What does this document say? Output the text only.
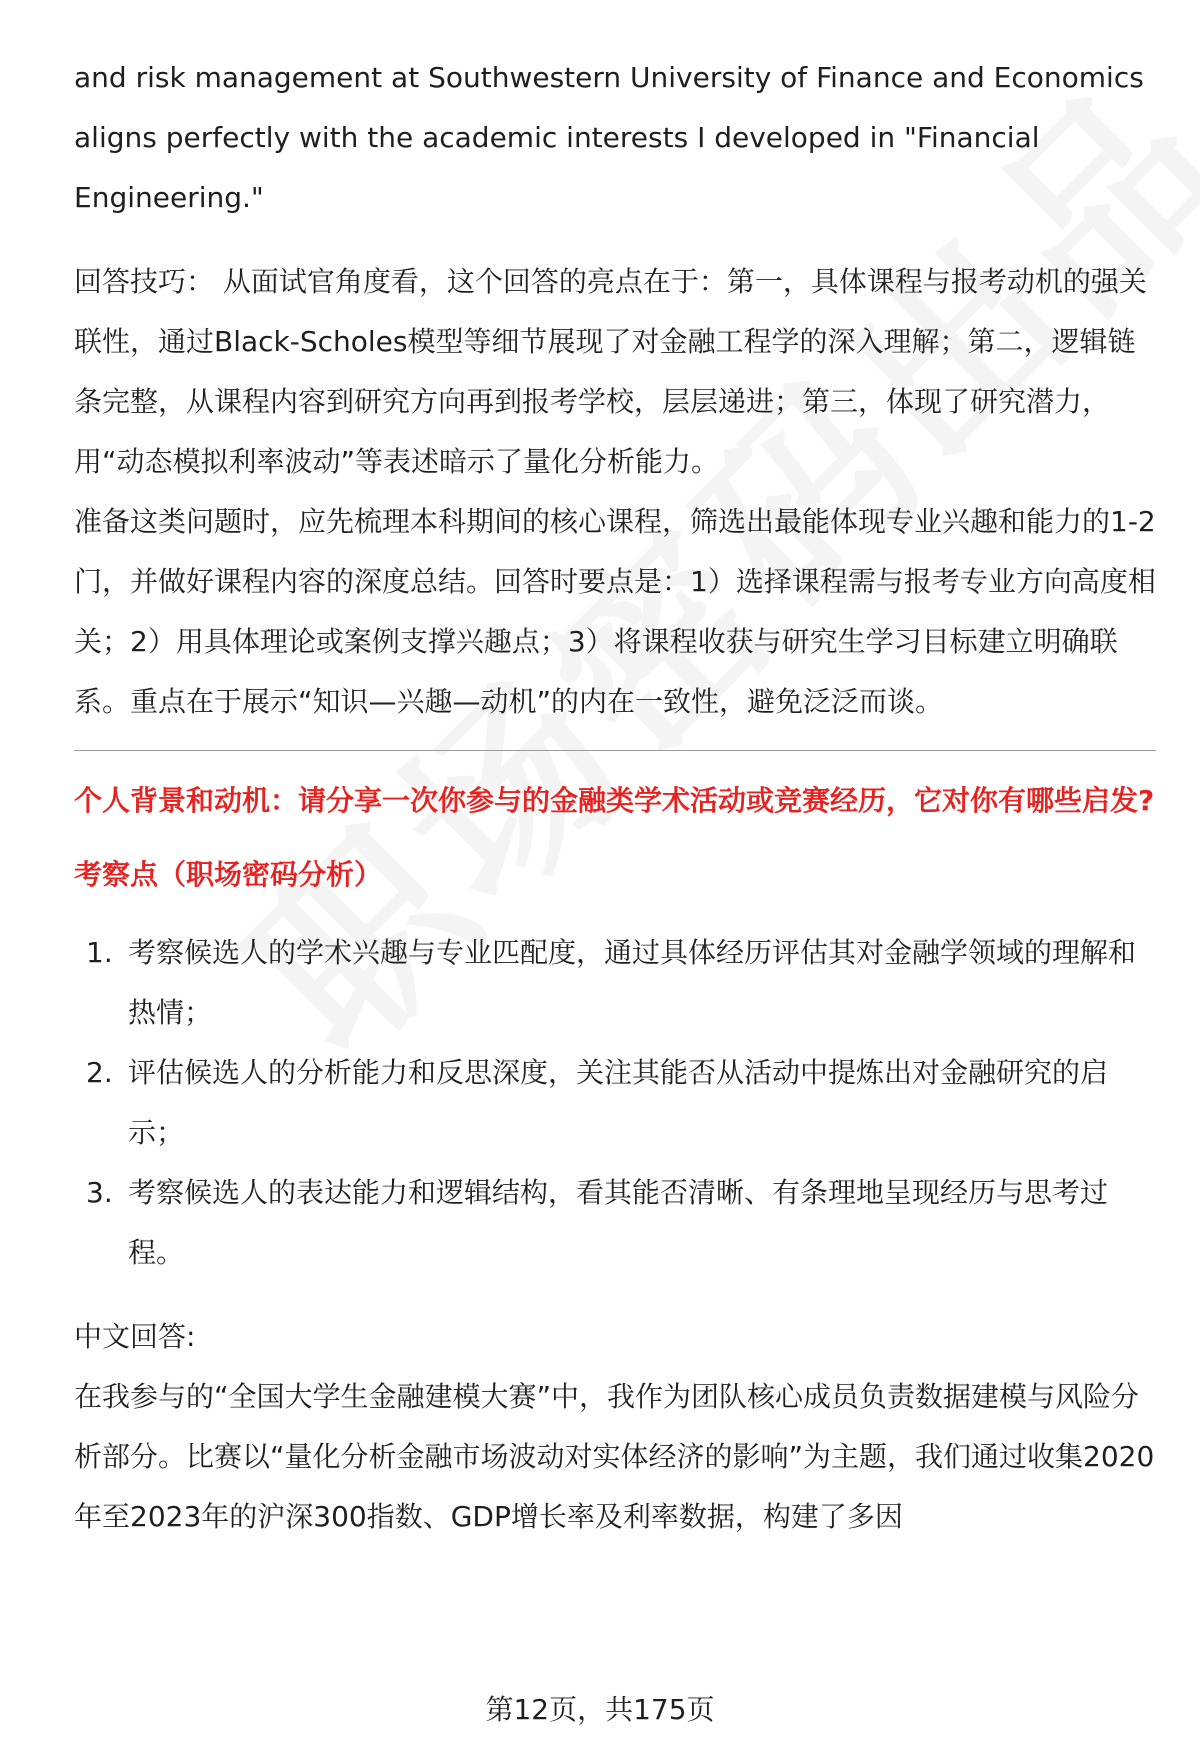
and risk management at Southwestern University of Finance and Economics aligns perfectly with the academic interests I developed in "Financial Engineering."

回答技巧： 从面试官角度看，这个回答的亮点在于：第一，具体课程与报考动机的强关联性，通过Black-Scholes模型等细节展现了对金融工程学的深入理解；第二，逻辑链条完整，从课程内容到研究方向再到报考学校，层层递进；第三，体现了研究潜力，用“动态模拟利率波动”等表述暗示了量化分析能力。

准备这类问题时，应先梳理本科期间的核心课程，筛选出最能体现专业兴趣和能力的1-2门，并做好课程内容的深度总结。回答时要点是：1）选择课程需与报考专业方向高度相关；2）用具体理论或案例支撑兴趣点；3）将课程收获与研究生学习目标建立明确联系。重点在于展示“知识—兴趣—动机”的内在一致性，避免泛泛而谈。

个人背景和动机：请分享一次你参与的金融类学术活动或竞赛经历，它对你有哪些启发?

考察点（职场密码分析）

1. 考察候选人的学术兴趣与专业匹配度，通过具体经历评估其对金融学领域的理解和热情；
2. 评估候选人的分析能力和反思深度，关注其能否从活动中提炼出对金融研究的启示；
3. 考察候选人的表达能力和逻辑结构，看其能否清晰、有条理地呈现经历与思考过程。

中文回答:

在我参与的“全国大学生金融建模大赛”中，我作为团队核心成员负责数据建模与风险分析部分。比赛以“量化分析金融市场波动对实体经济的影响”为主题，我们通过收集2020年至2023年的沪深300指数、GDP增长率及利率数据，构建了多因

第12页，共175页
